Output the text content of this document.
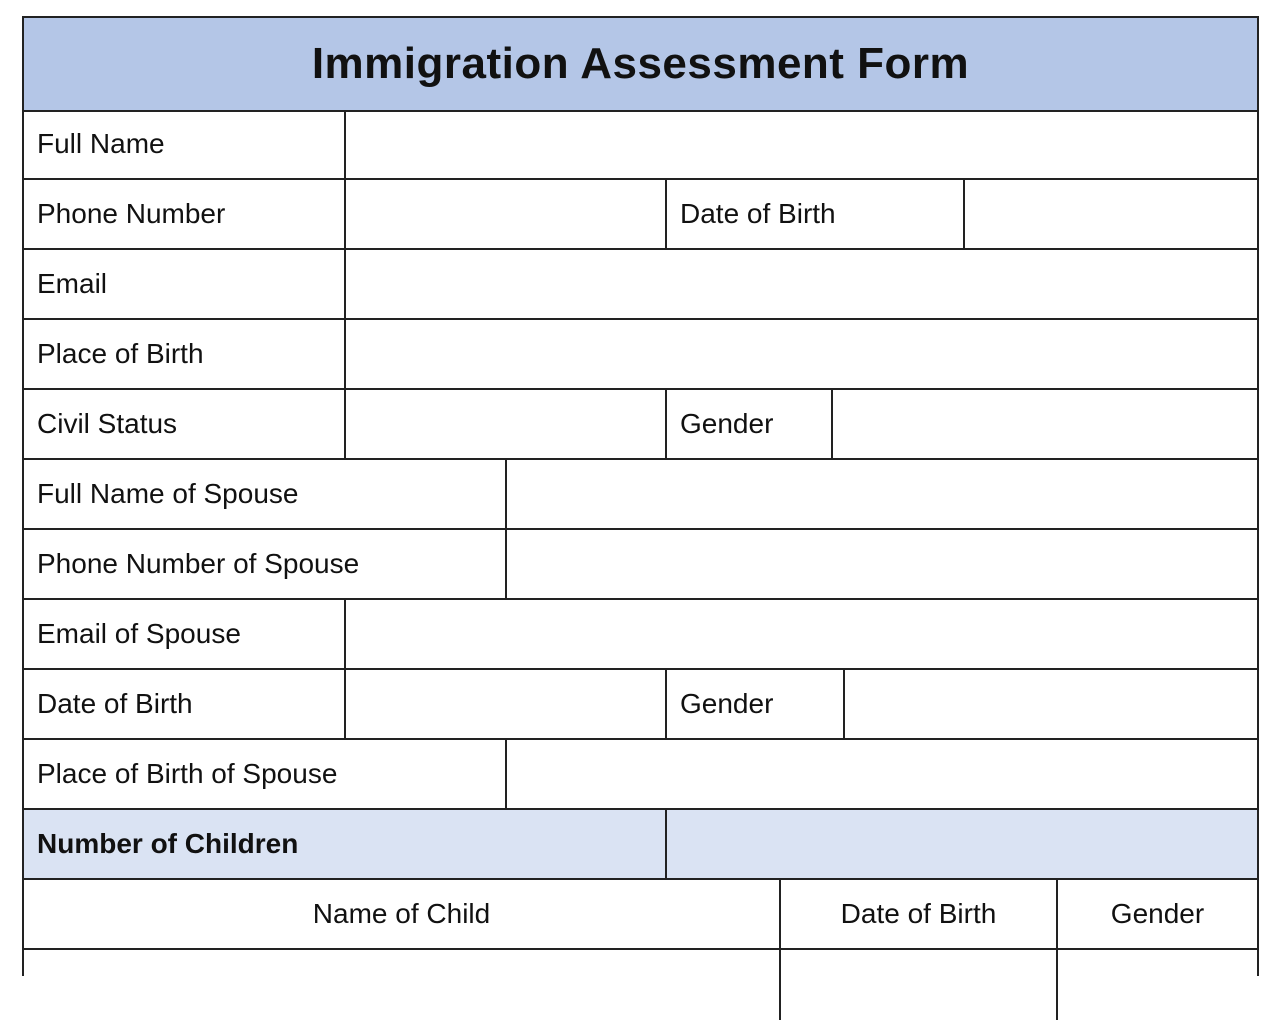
Immigration Assessment Form
Full Name
Phone Number	Date of Birth
Email
Place of Birth
Civil Status	Gender
Full Name of Spouse
Phone Number of Spouse
Email of Spouse
Date of Birth	Gender
Place of Birth of Spouse
Number of Children
Name of Child	Date of Birth	Gender
